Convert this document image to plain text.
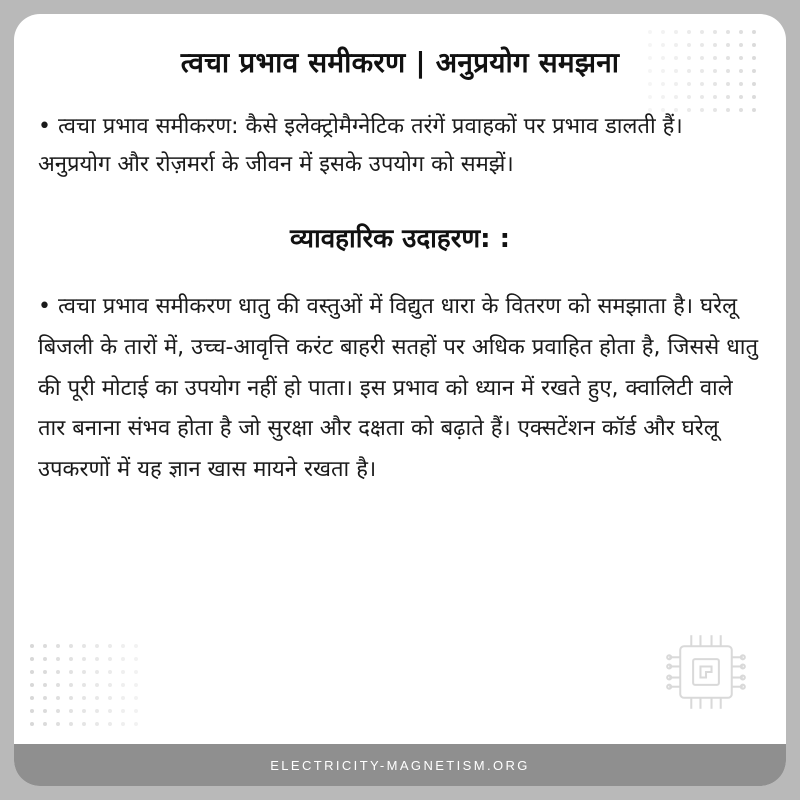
त्वचा प्रभाव समीकरण | अनुप्रयोग समझना

• त्वचा प्रभाव समीकरण: कैसे इलेक्ट्रोमैग्नेटिक तरंगें प्रवाहकों पर प्रभाव डालती हैं। अनुप्रयोग और रोज़मर्रा के जीवन में इसके उपयोग को समझें।

व्यावहारिक उदाहरण: :

• त्वचा प्रभाव समीकरण धातु की वस्तुओं में विद्युत धारा के वितरण को समझाता है। घरेलू बिजली के तारों में, उच्च-आवृत्ति करंट बाहरी सतहों पर अधिक प्रवाहित होता है, जिससे धातु की पूरी मोटाई का उपयोग नहीं हो पाता। इस प्रभाव को ध्यान में रखते हुए, क्वालिटी वाले तार बनाना संभव होता है जो सुरक्षा और दक्षता को बढ़ाते हैं। एक्सटेंशन कॉर्ड और घरेलू उपकरणों में यह ज्ञान खास मायने रखता है।

ELECTRICITY-MAGNETISM.ORG
